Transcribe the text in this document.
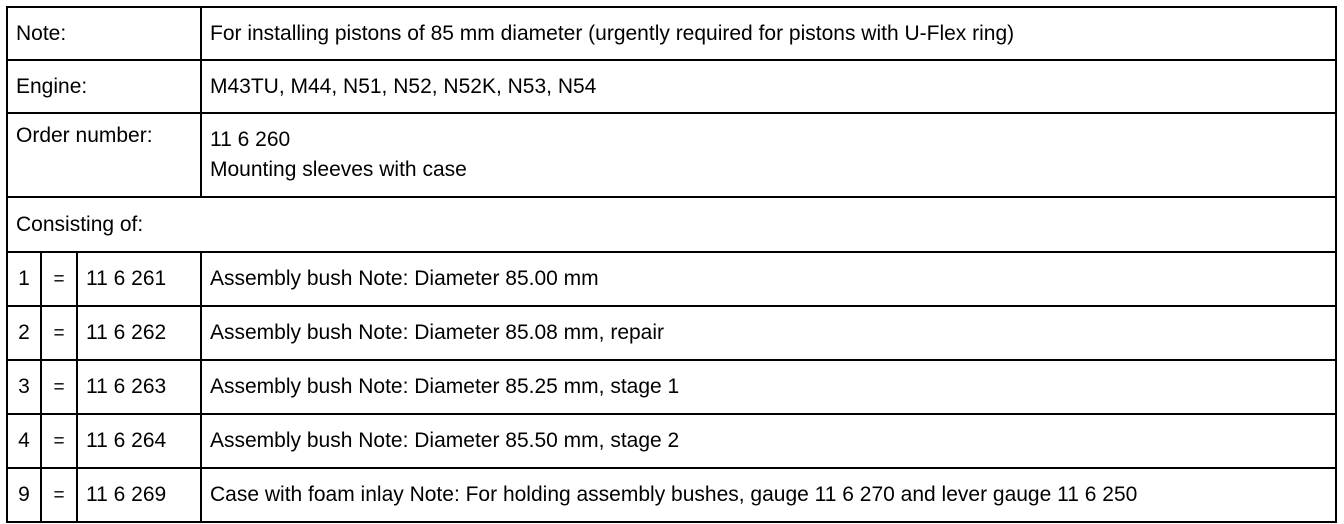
Note:			For installing pistons of 85 mm diameter (urgently required for pistons with U-Flex ring)
Engine:			M43TU, M44, N51, N52, N52K, N53, N54
Order number:			11 6 260
Mounting sleeves with case

Consisting of:			
1	=	11 6 261	Assembly bush Note: Diameter 85.00 mm
2	=	11 6 262	Assembly bush Note: Diameter 85.08 mm, repair
3	=	11 6 263	Assembly bush Note: Diameter 85.25 mm, stage 1
4	=	11 6 264	Assembly bush Note: Diameter 85.50 mm, stage 2
9	=	11 6 269	Case with foam inlay Note: For holding assembly bushes, gauge 11 6 270 and lever gauge 11 6 250
